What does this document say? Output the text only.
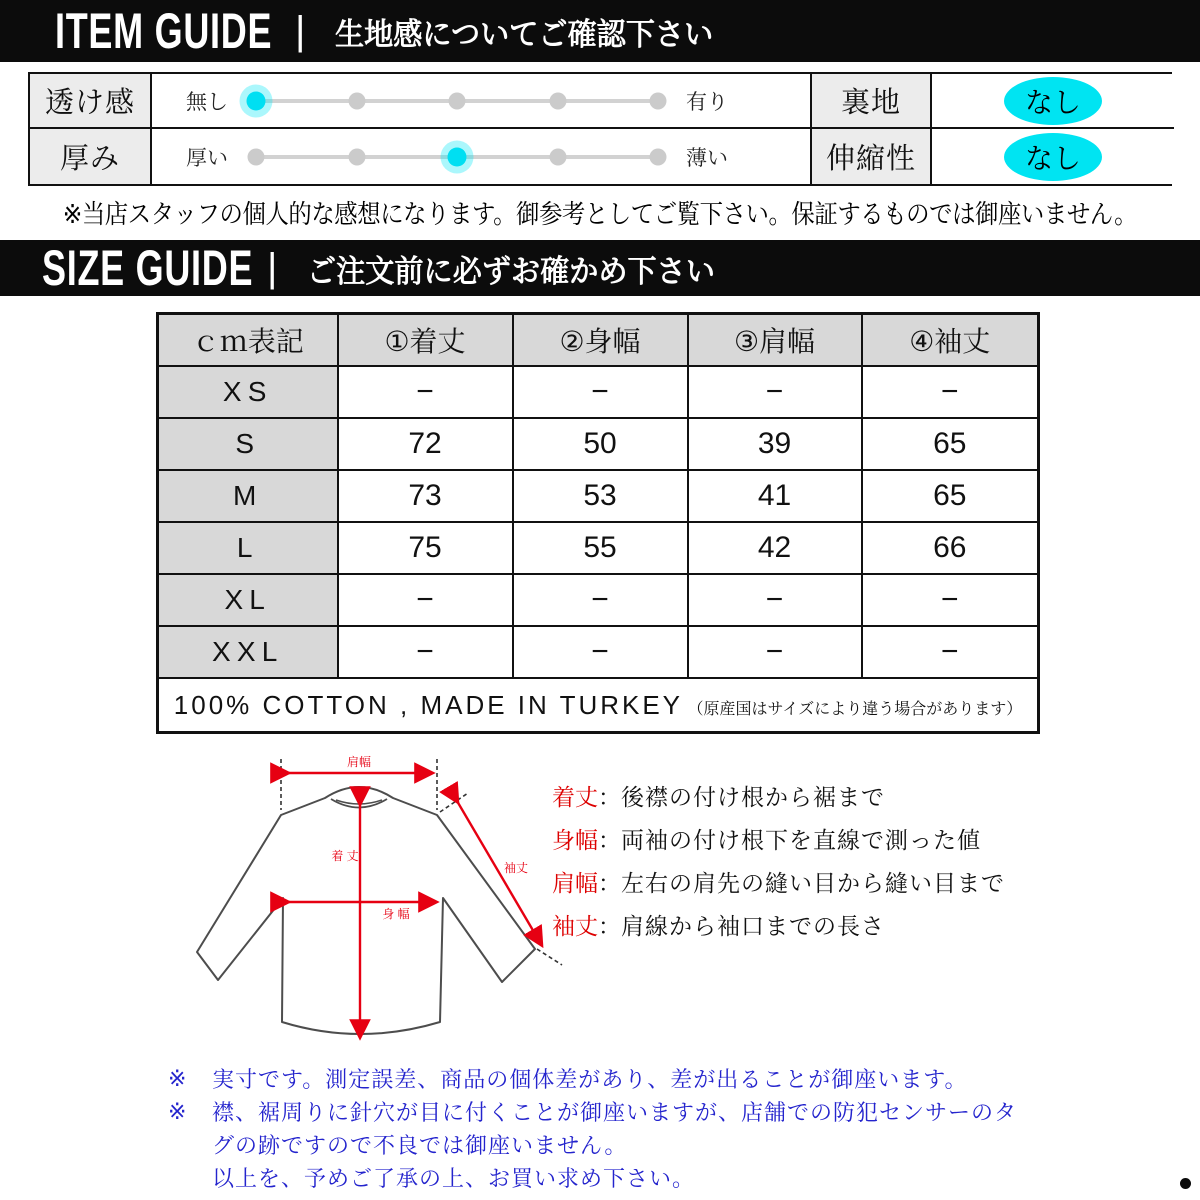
ITEM GUIDE | 生地感についてご確認下さい
透け感	無し	有り	裏地	なし
厚み	厚い	薄い	伸縮性	なし
※当店スタッフの個人的な感想になります。御参考としてご覧下さい。保証するものでは御座いません。
SIZE GUIDE | ご注文前に必ずお確かめ下さい
ｃｍ表記	①着丈	②身幅	③肩幅	④袖丈
XS	−	−	−	−
S	72	50	39	65
M	73	53	41	65
L	75	55	42	66
XL	−	−	−	−
XXL	−	−	−	−
100% COTTON , MADE IN TURKEY （原産国はサイズにより違う場合があります）				
肩幅
着 丈
身 幅
袖丈
着丈 ： 後襟の付け根から裾まで
身幅 ： 両袖の付け根下を直線で測った値
肩幅 ： 左右の肩先の縫い目から縫い目まで
袖丈 ： 肩線から袖口までの長さ
※	実寸です。測定誤差、商品の個体差があり、差が出ることが御座います。
※	襟、裾周りに針穴が目に付くことが御座いますが、店舗での防犯センサーのタ
グの跡ですので不良では御座いません。
以上を、予めご了承の上、お買い求め下さい。
